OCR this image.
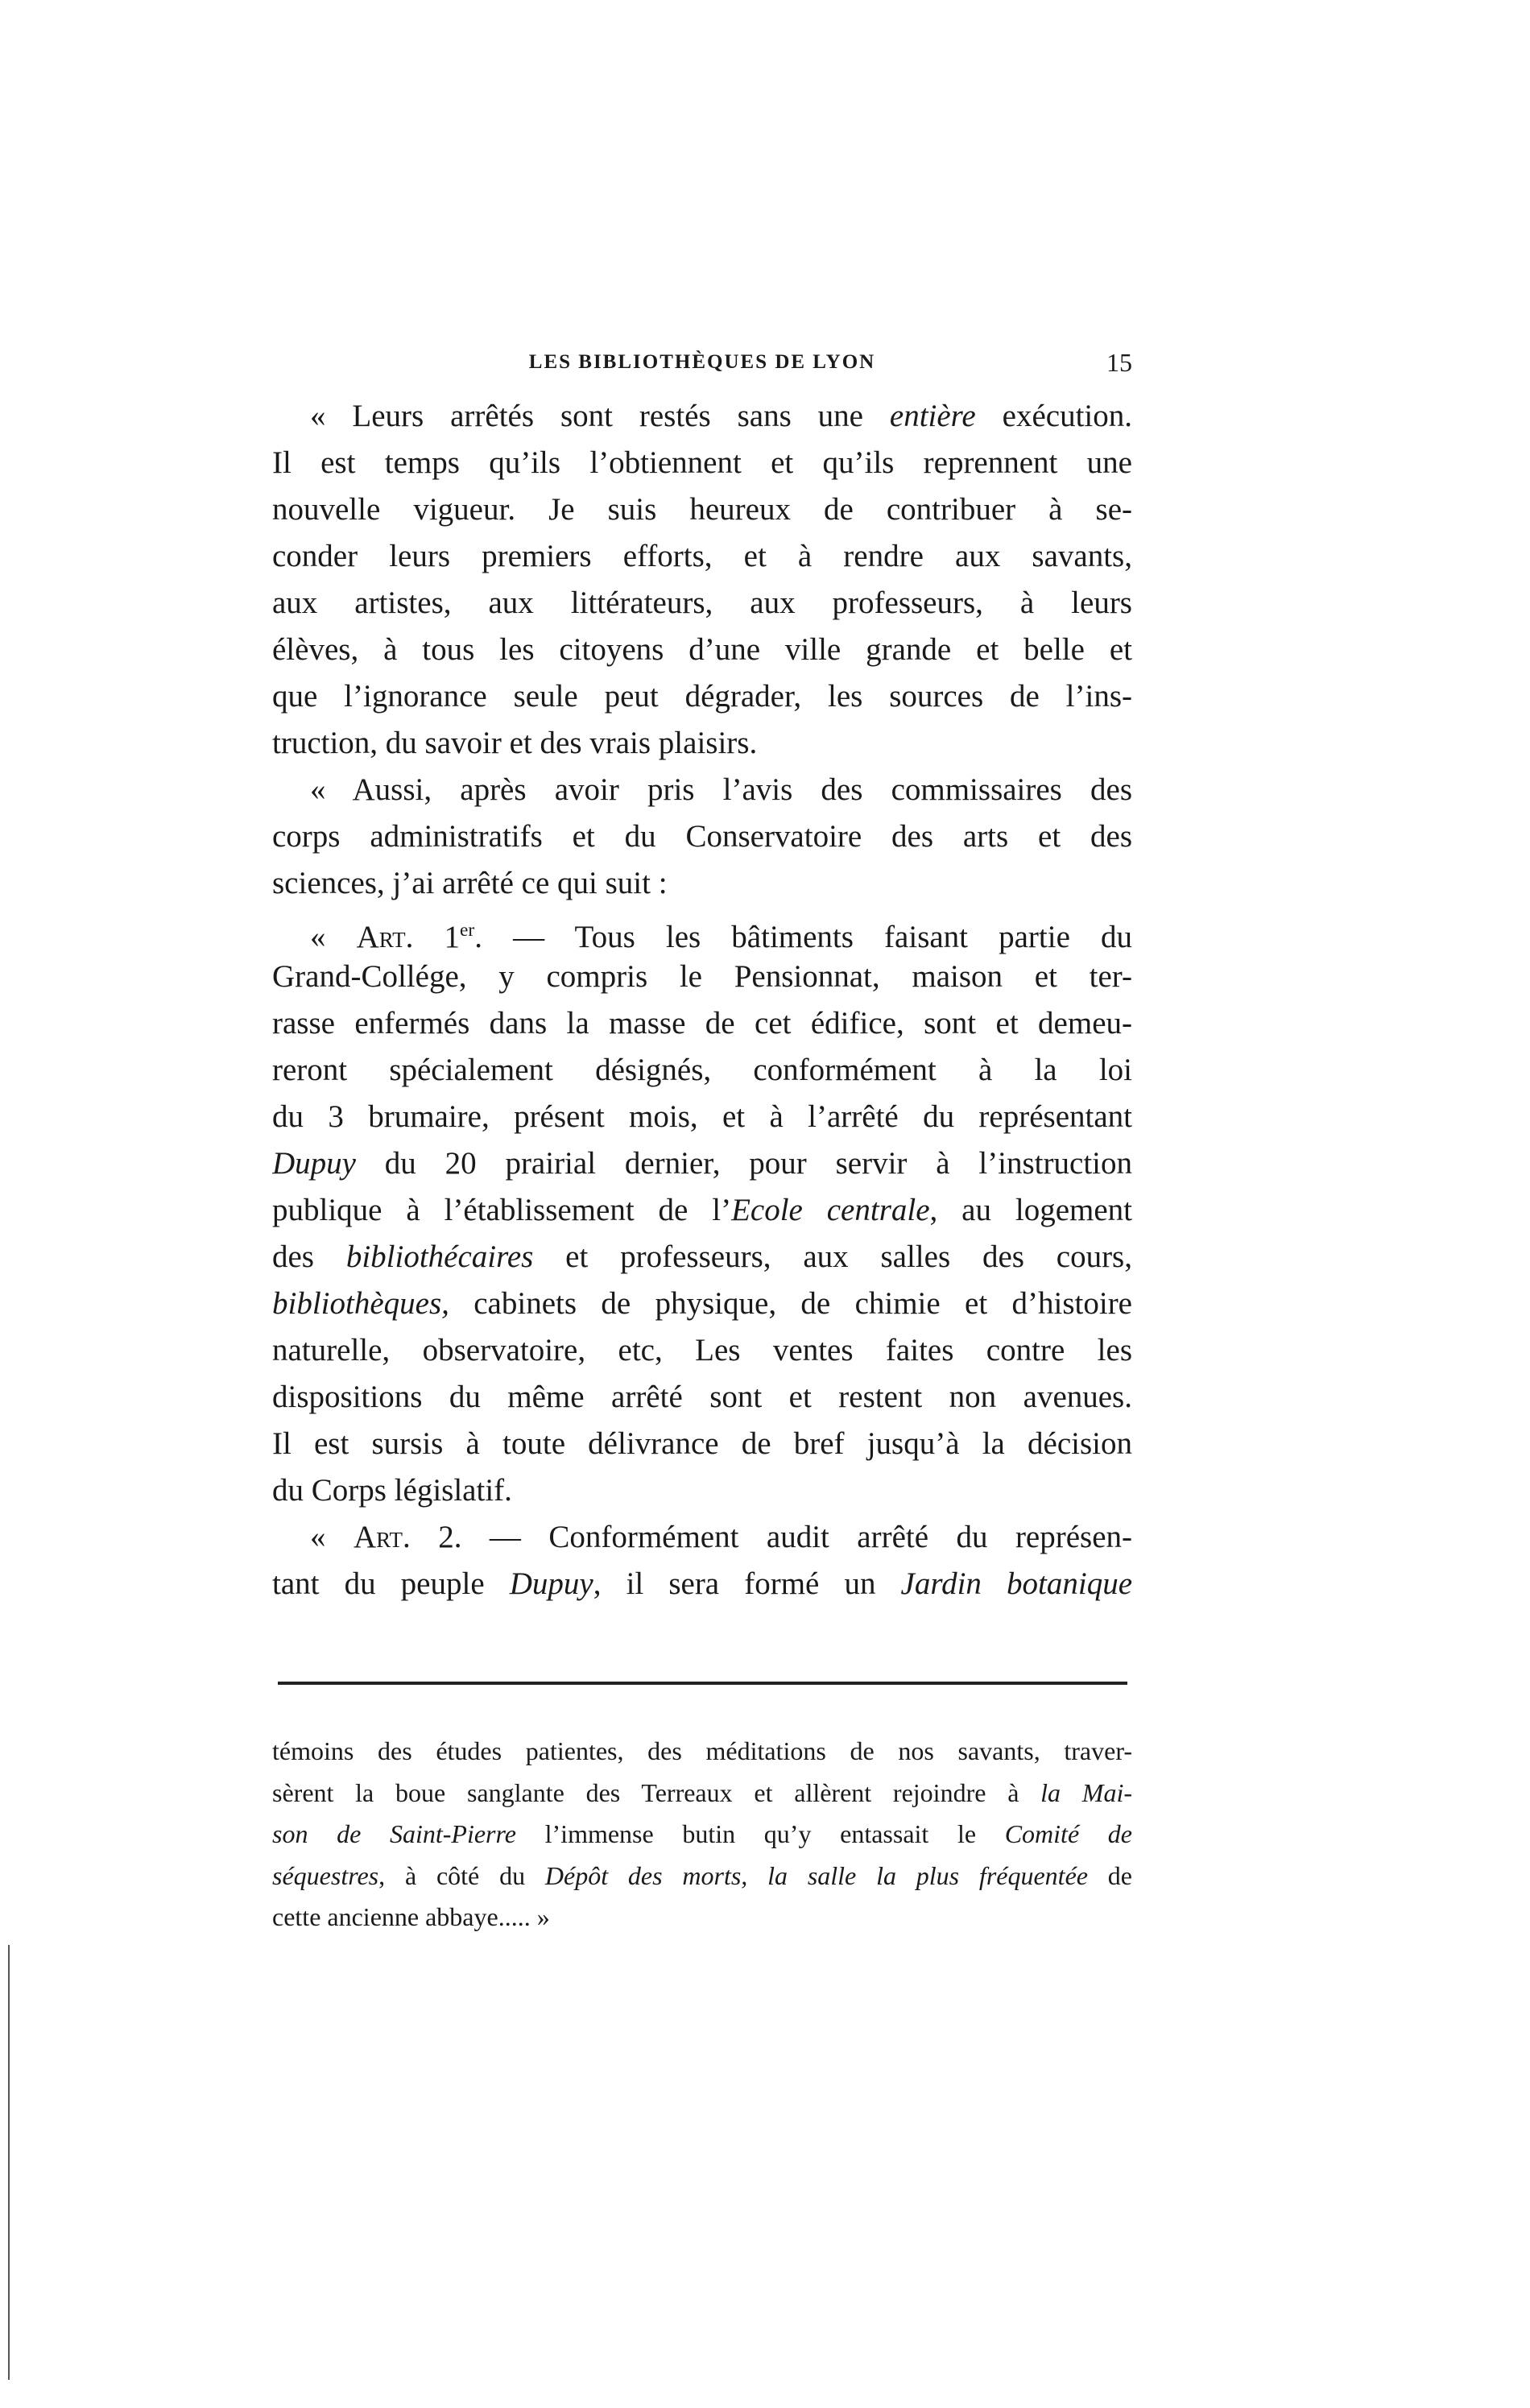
LES BIBLIOTHÈQUES DE LYON	15
« Leurs arrêtés sont restés sans une entière exécution.
Il est temps qu’ils l’obtiennent et qu’ils reprennent une
nouvelle vigueur. Je suis heureux de contribuer à se-
conder leurs premiers efforts, et à rendre aux savants,
aux artistes, aux littérateurs, aux professeurs, à leurs
élèves, à tous les citoyens d’une ville grande et belle et
que l’ignorance seule peut dégrader, les sources de l’ins-
truction, du savoir et des vrais plaisirs.
« Aussi, après avoir pris l’avis des commissaires des
corps administratifs et du Conservatoire des arts et des
sciences, j’ai arrêté ce qui suit :
« Art. 1er. — Tous les bâtiments faisant partie du
Grand-Collége, y compris le Pensionnat, maison et ter-
rasse enfermés dans la masse de cet édifice, sont et demeu-
reront spécialement désignés, conformément à la loi
du 3 brumaire, présent mois, et à l’arrêté du représentant
Dupuy du 20 prairial dernier, pour servir à l’instruction
publique à l’établissement de l’Ecole centrale, au logement
des bibliothécaires et professeurs, aux salles des cours,
bibliothèques, cabinets de physique, de chimie et d’histoire
naturelle, observatoire, etc, Les ventes faites contre les
dispositions du même arrêté sont et restent non avenues.
Il est sursis à toute délivrance de bref jusqu’à la décision
du Corps législatif.
« Art. 2. — Conformément audit arrêté du représen-
tant du peuple Dupuy, il sera formé un Jardin botanique
témoins des études patientes, des méditations de nos savants, traver-
sèrent la boue sanglante des Terreaux et allèrent rejoindre à la Mai-
son de Saint-Pierre l’immense butin qu’y entassait le Comité de
séquestres, à côté du Dépôt des morts, la salle la plus fréquentée de
cette ancienne abbaye..... »
